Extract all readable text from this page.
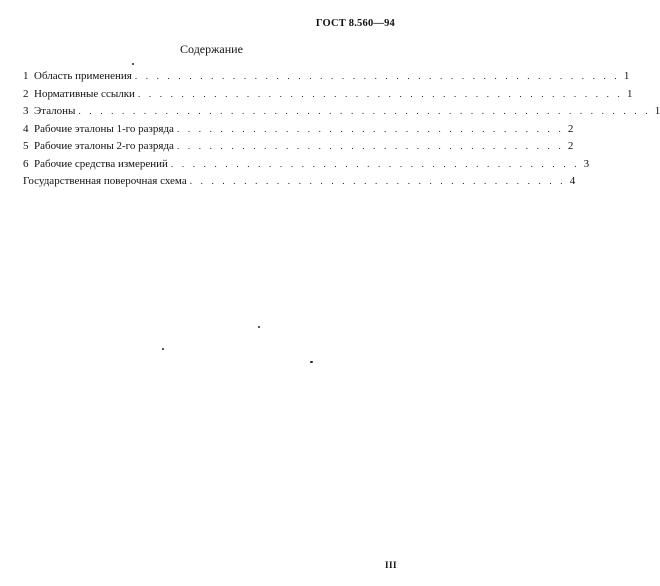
ГОСТ 8.560—94
Содержание
1 Область применения . . . . . . . . . . . . . . . . . . . . . . . . . . . . . . . . . . . . . . . . . . . . . 1
2 Нормативные ссылки . . . . . . . . . . . . . . . . . . . . . . . . . . . . . . . . . . . . . . . . . . . . . 1
3 Эталоны . . . . . . . . . . . . . . . . . . . . . . . . . . . . . . . . . . . . . . . . . . . . . . . . . . . . . 1
4 Рабочие эталоны 1-го разряда . . . . . . . . . . . . . . . . . . . . . . . . . . . . . . . . . . . . 2
5 Рабочие эталоны 2-го разряда . . . . . . . . . . . . . . . . . . . . . . . . . . . . . . . . . . . . 2
6 Рабочие средства измерений . . . . . . . . . . . . . . . . . . . . . . . . . . . . . . . . . . . . . . 3
Государственная поверочная схема . . . . . . . . . . . . . . . . . . . . . . . . . . . . . . . . . . . 4
III
